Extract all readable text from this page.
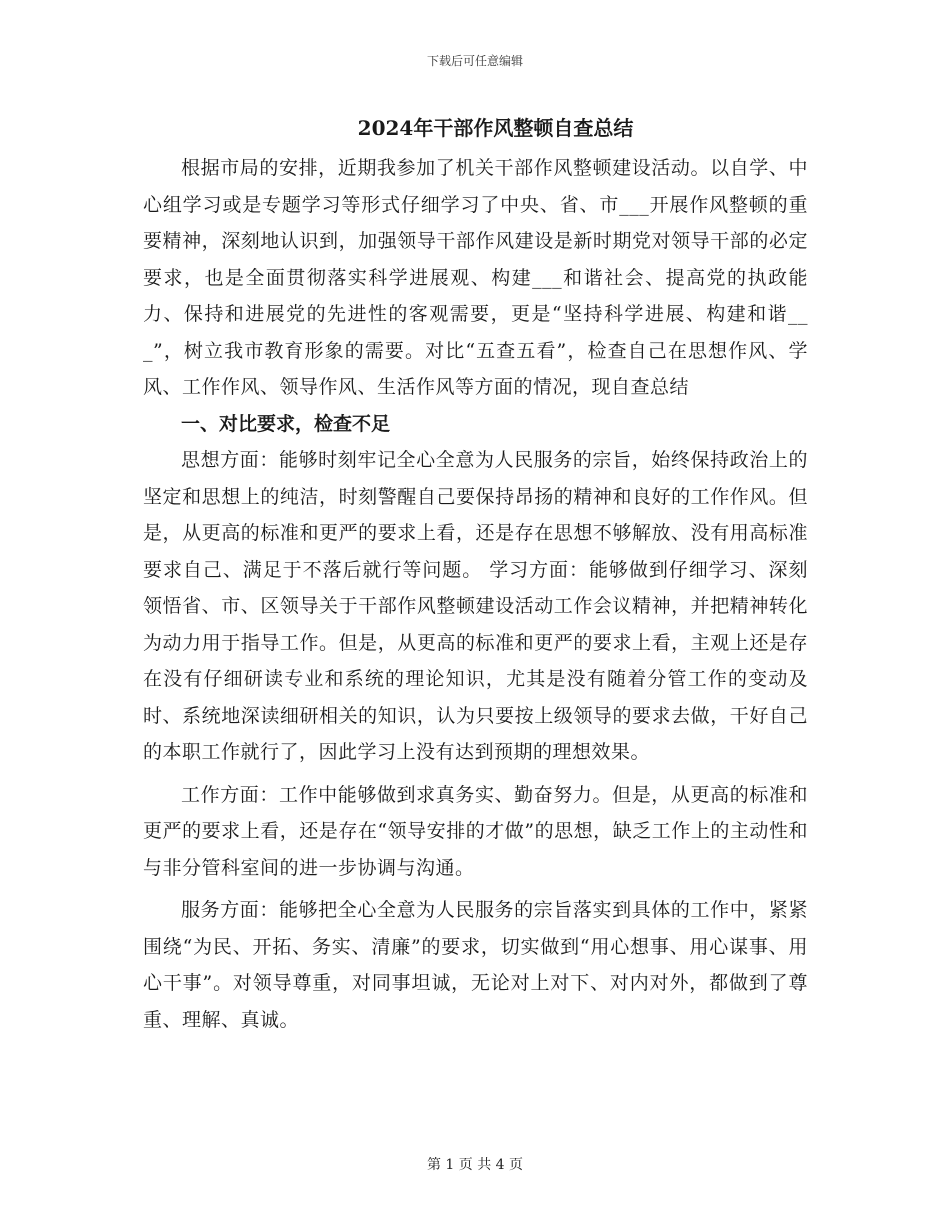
下载后可任意编辑
2024年干部作风整顿自查总结

根据市局的安排，近期我参加了机关干部作风整顿建设活动。以自学、中心组学习或是专题学习等形式仔细学习了中央、省、市___开展作风整顿的重要精神，深刻地认识到，加强领导干部作风建设是新时期党对领导干部的必定要求，也是全面贯彻落实科学进展观、构建___和谐社会、提高党的执政能力、保持和进展党的先进性的客观需要，更是“坚持科学进展、构建和谐___”，树立我市教育形象的需要。对比“五查五看”，检查自己在思想作风、学风、工作作风、领导作风、生活作风等方面的情况，现自查总结

一、对比要求，检查不足

思想方面：能够时刻牢记全心全意为人民服务的宗旨，始终保持政治上的坚定和思想上的纯洁，时刻警醒自己要保持昂扬的精神和良好的工作作风。但是，从更高的标准和更严的要求上看，还是存在思想不够解放、没有用高标准要求自己、满足于不落后就行等问题。 学习方面：能够做到仔细学习、深刻领悟省、市、区领导关于干部作风整顿建设活动工作会议精神，并把精神转化为动力用于指导工作。但是，从更高的标准和更严的要求上看，主观上还是存在没有仔细研读专业和系统的理论知识，尤其是没有随着分管工作的变动及时、系统地深读细研相关的知识，认为只要按上级领导的要求去做，干好自己的本职工作就行了，因此学习上没有达到预期的理想效果。

工作方面：工作中能够做到求真务实、勤奋努力。但是，从更高的标准和更严的要求上看，还是存在“领导安排的才做”的思想，缺乏工作上的主动性和与非分管科室间的进一步协调与沟通。

服务方面：能够把全心全意为人民服务的宗旨落实到具体的工作中，紧紧围绕“为民、开拓、务实、清廉”的要求，切实做到“用心想事、用心谋事、用心干事”。对领导尊重，对同事坦诚，无论对上对下、对内对外，都做到了尊重、理解、真诚。

第 1 页 共 4 页
